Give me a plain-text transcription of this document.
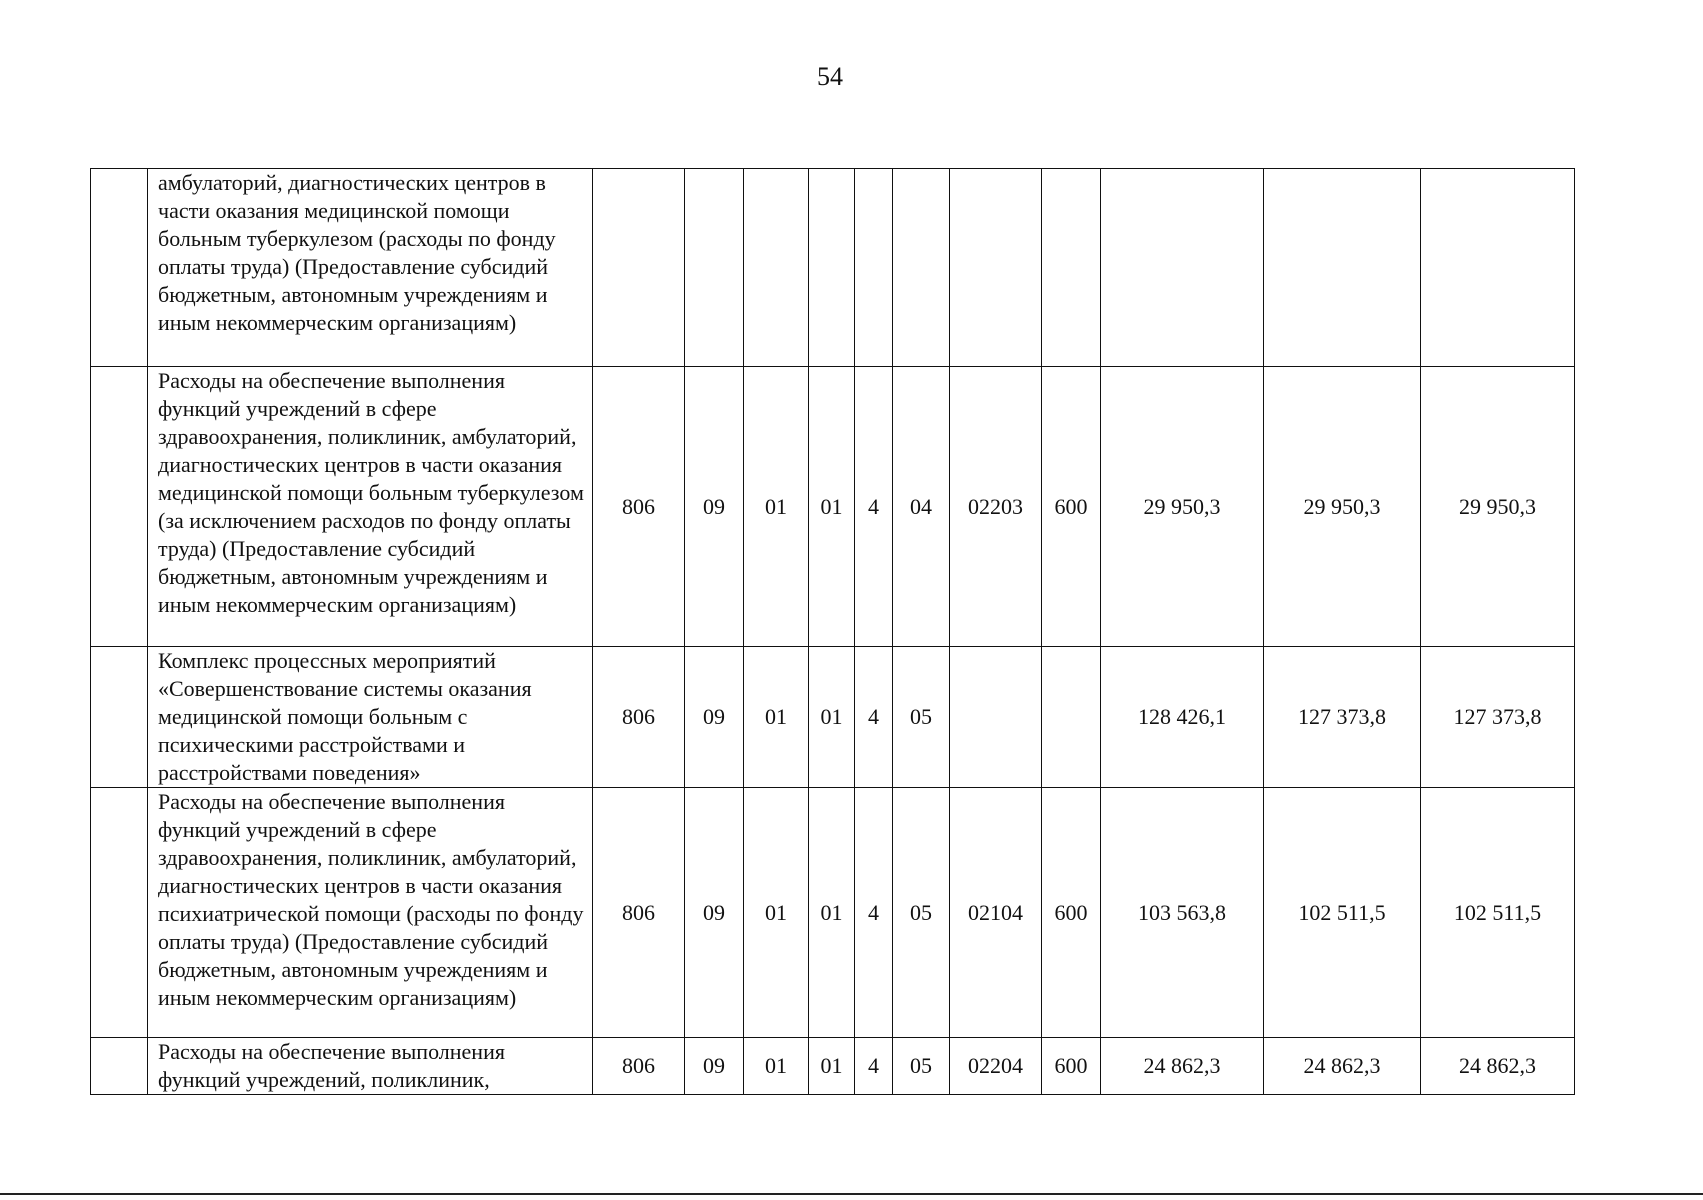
54
	амбулаторий, диагностических центров в части оказания медицинской помощи больным туберкулезом (расходы по фонду оплаты труда) (Предоставление субсидий бюджетным, автономным учреждениям и иным некоммерческим организациям)											
	Расходы на обеспечение выполнения функций учреждений в сфере здравоохранения, поликлиник, амбулаторий, диагностических центров в части оказания медицинской помощи больным туберкулезом (за исключением расходов по фонду оплаты труда) (Предоставление субсидий бюджетным, автономным учреждениям и иным некоммерческим организациям)	806	09	01	01	4	04	02203	600	29 950,3	29 950,3	29 950,3
	Комплекс процессных мероприятий «Совершенствование системы оказания медицинской помощи больным с психическими расстройствами и расстройствами поведения»	806	09	01	01	4	05			128 426,1	127 373,8	127 373,8
	Расходы на обеспечение выполнения функций учреждений в сфере здравоохранения, поликлиник, амбулаторий, диагностических центров в части оказания психиатрической помощи (расходы по фонду оплаты труда) (Предоставление субсидий бюджетным, автономным учреждениям и иным некоммерческим организациям)	806	09	01	01	4	05	02104	600	103 563,8	102 511,5	102 511,5
	Расходы на обеспечение выполнения функций учреждений, поликлиник,	806	09	01	01	4	05	02204	600	24 862,3	24 862,3	24 862,3
